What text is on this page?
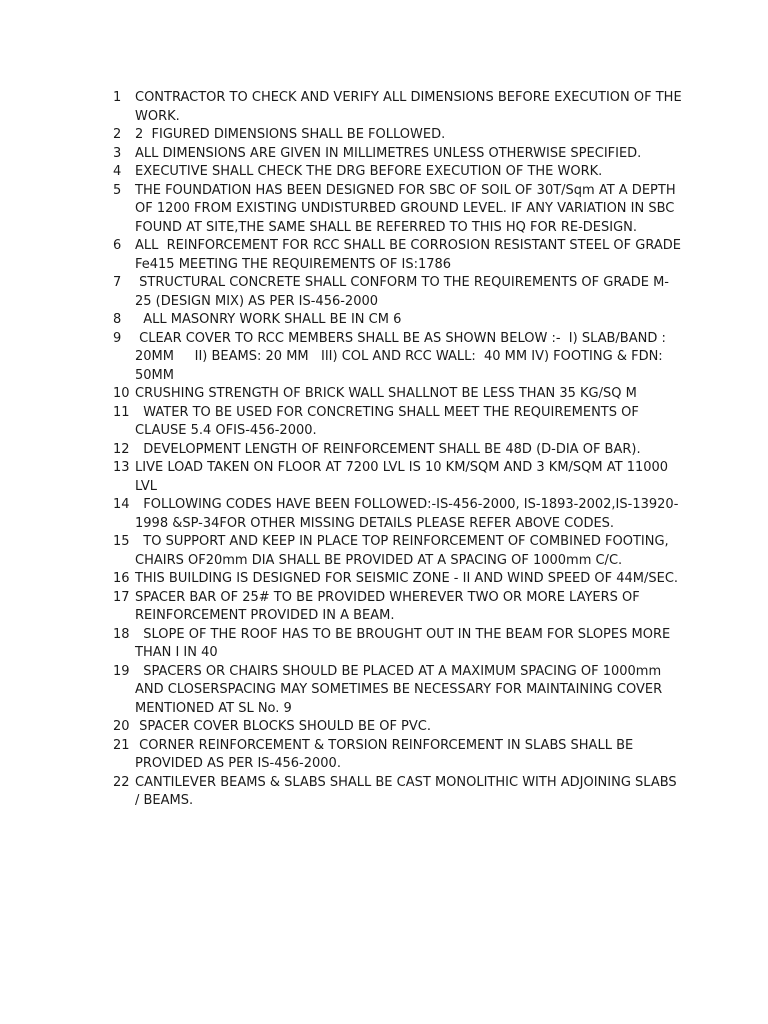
1 CONTRACTOR TO CHECK AND VERIFY ALL DIMENSIONS BEFORE EXECUTION OF THE WORK.
2 2  FIGURED DIMENSIONS SHALL BE FOLLOWED.
3 ALL DIMENSIONS ARE GIVEN IN MILLIMETRES UNLESS OTHERWISE SPECIFIED.
4 EXECUTIVE SHALL CHECK THE DRG BEFORE EXECUTION OF THE WORK.
5 THE FOUNDATION HAS BEEN DESIGNED FOR SBC OF SOIL OF 30T/Sqm AT A DEPTH OF 1200 FROM EXISTING UNDISTURBED GROUND LEVEL. IF ANY VARIATION IN SBC FOUND AT SITE,THE SAME SHALL BE REFERRED TO THIS HQ FOR RE-DESIGN.
6 ALL  REINFORCEMENT FOR RCC SHALL BE CORROSION RESISTANT STEEL OF GRADE Fe415 MEETING THE REQUIREMENTS OF IS:1786
7 STRUCTURAL CONCRETE SHALL CONFORM TO THE REQUIREMENTS OF GRADE M-25 (DESIGN MIX) AS PER IS-456-2000
8 ALL MASONRY WORK SHALL BE IN CM 6
9 CLEAR COVER TO RCC MEMBERS SHALL BE AS SHOWN BELOW :-  I) SLAB/BAND : 20MM     II) BEAMS: 20 MM   III) COL AND RCC WALL:  40 MM IV) FOOTING & FDN:  50MM
10 CRUSHING STRENGTH OF BRICK WALL SHALLNOT BE LESS THAN 35 KG/SQ M
11 WATER TO BE USED FOR CONCRETING SHALL MEET THE REQUIREMENTS OF CLAUSE 5.4 OFIS-456-2000.
12 DEVELOPMENT LENGTH OF REINFORCEMENT SHALL BE 48D (D-DIA OF BAR).
13 LIVE LOAD TAKEN ON FLOOR AT 7200 LVL IS 10 KM/SQM AND 3 KM/SQM AT 11000 LVL
14 FOLLOWING CODES HAVE BEEN FOLLOWED:-IS-456-2000, IS-1893-2002,IS-13920-1998 &SP-34FOR OTHER MISSING DETAILS PLEASE REFER ABOVE CODES.
15 TO SUPPORT AND KEEP IN PLACE TOP REINFORCEMENT OF COMBINED FOOTING, CHAIRS OF20mm DIA SHALL BE PROVIDED AT A SPACING OF 1000mm C/C.
16 THIS BUILDING IS DESIGNED FOR SEISMIC ZONE - II AND WIND SPEED OF 44M/SEC.
17 SPACER BAR OF 25# TO BE PROVIDED WHEREVER TWO OR MORE LAYERS OF REINFORCEMENT PROVIDED IN A BEAM.
18 SLOPE OF THE ROOF HAS TO BE BROUGHT OUT IN THE BEAM FOR SLOPES MORE THAN I IN 40
19 SPACERS OR CHAIRS SHOULD BE PLACED AT A MAXIMUM SPACING OF 1000mm AND CLOSERSPACING MAY SOMETIMES BE NECESSARY FOR MAINTAINING COVER MENTIONED AT SL No. 9
20 SPACER COVER BLOCKS SHOULD BE OF PVC.
21 CORNER REINFORCEMENT & TORSION REINFORCEMENT IN SLABS SHALL BE PROVIDED AS PER IS-456-2000.
22 CANTILEVER BEAMS & SLABS SHALL BE CAST MONOLITHIC WITH ADJOINING SLABS / BEAMS.
